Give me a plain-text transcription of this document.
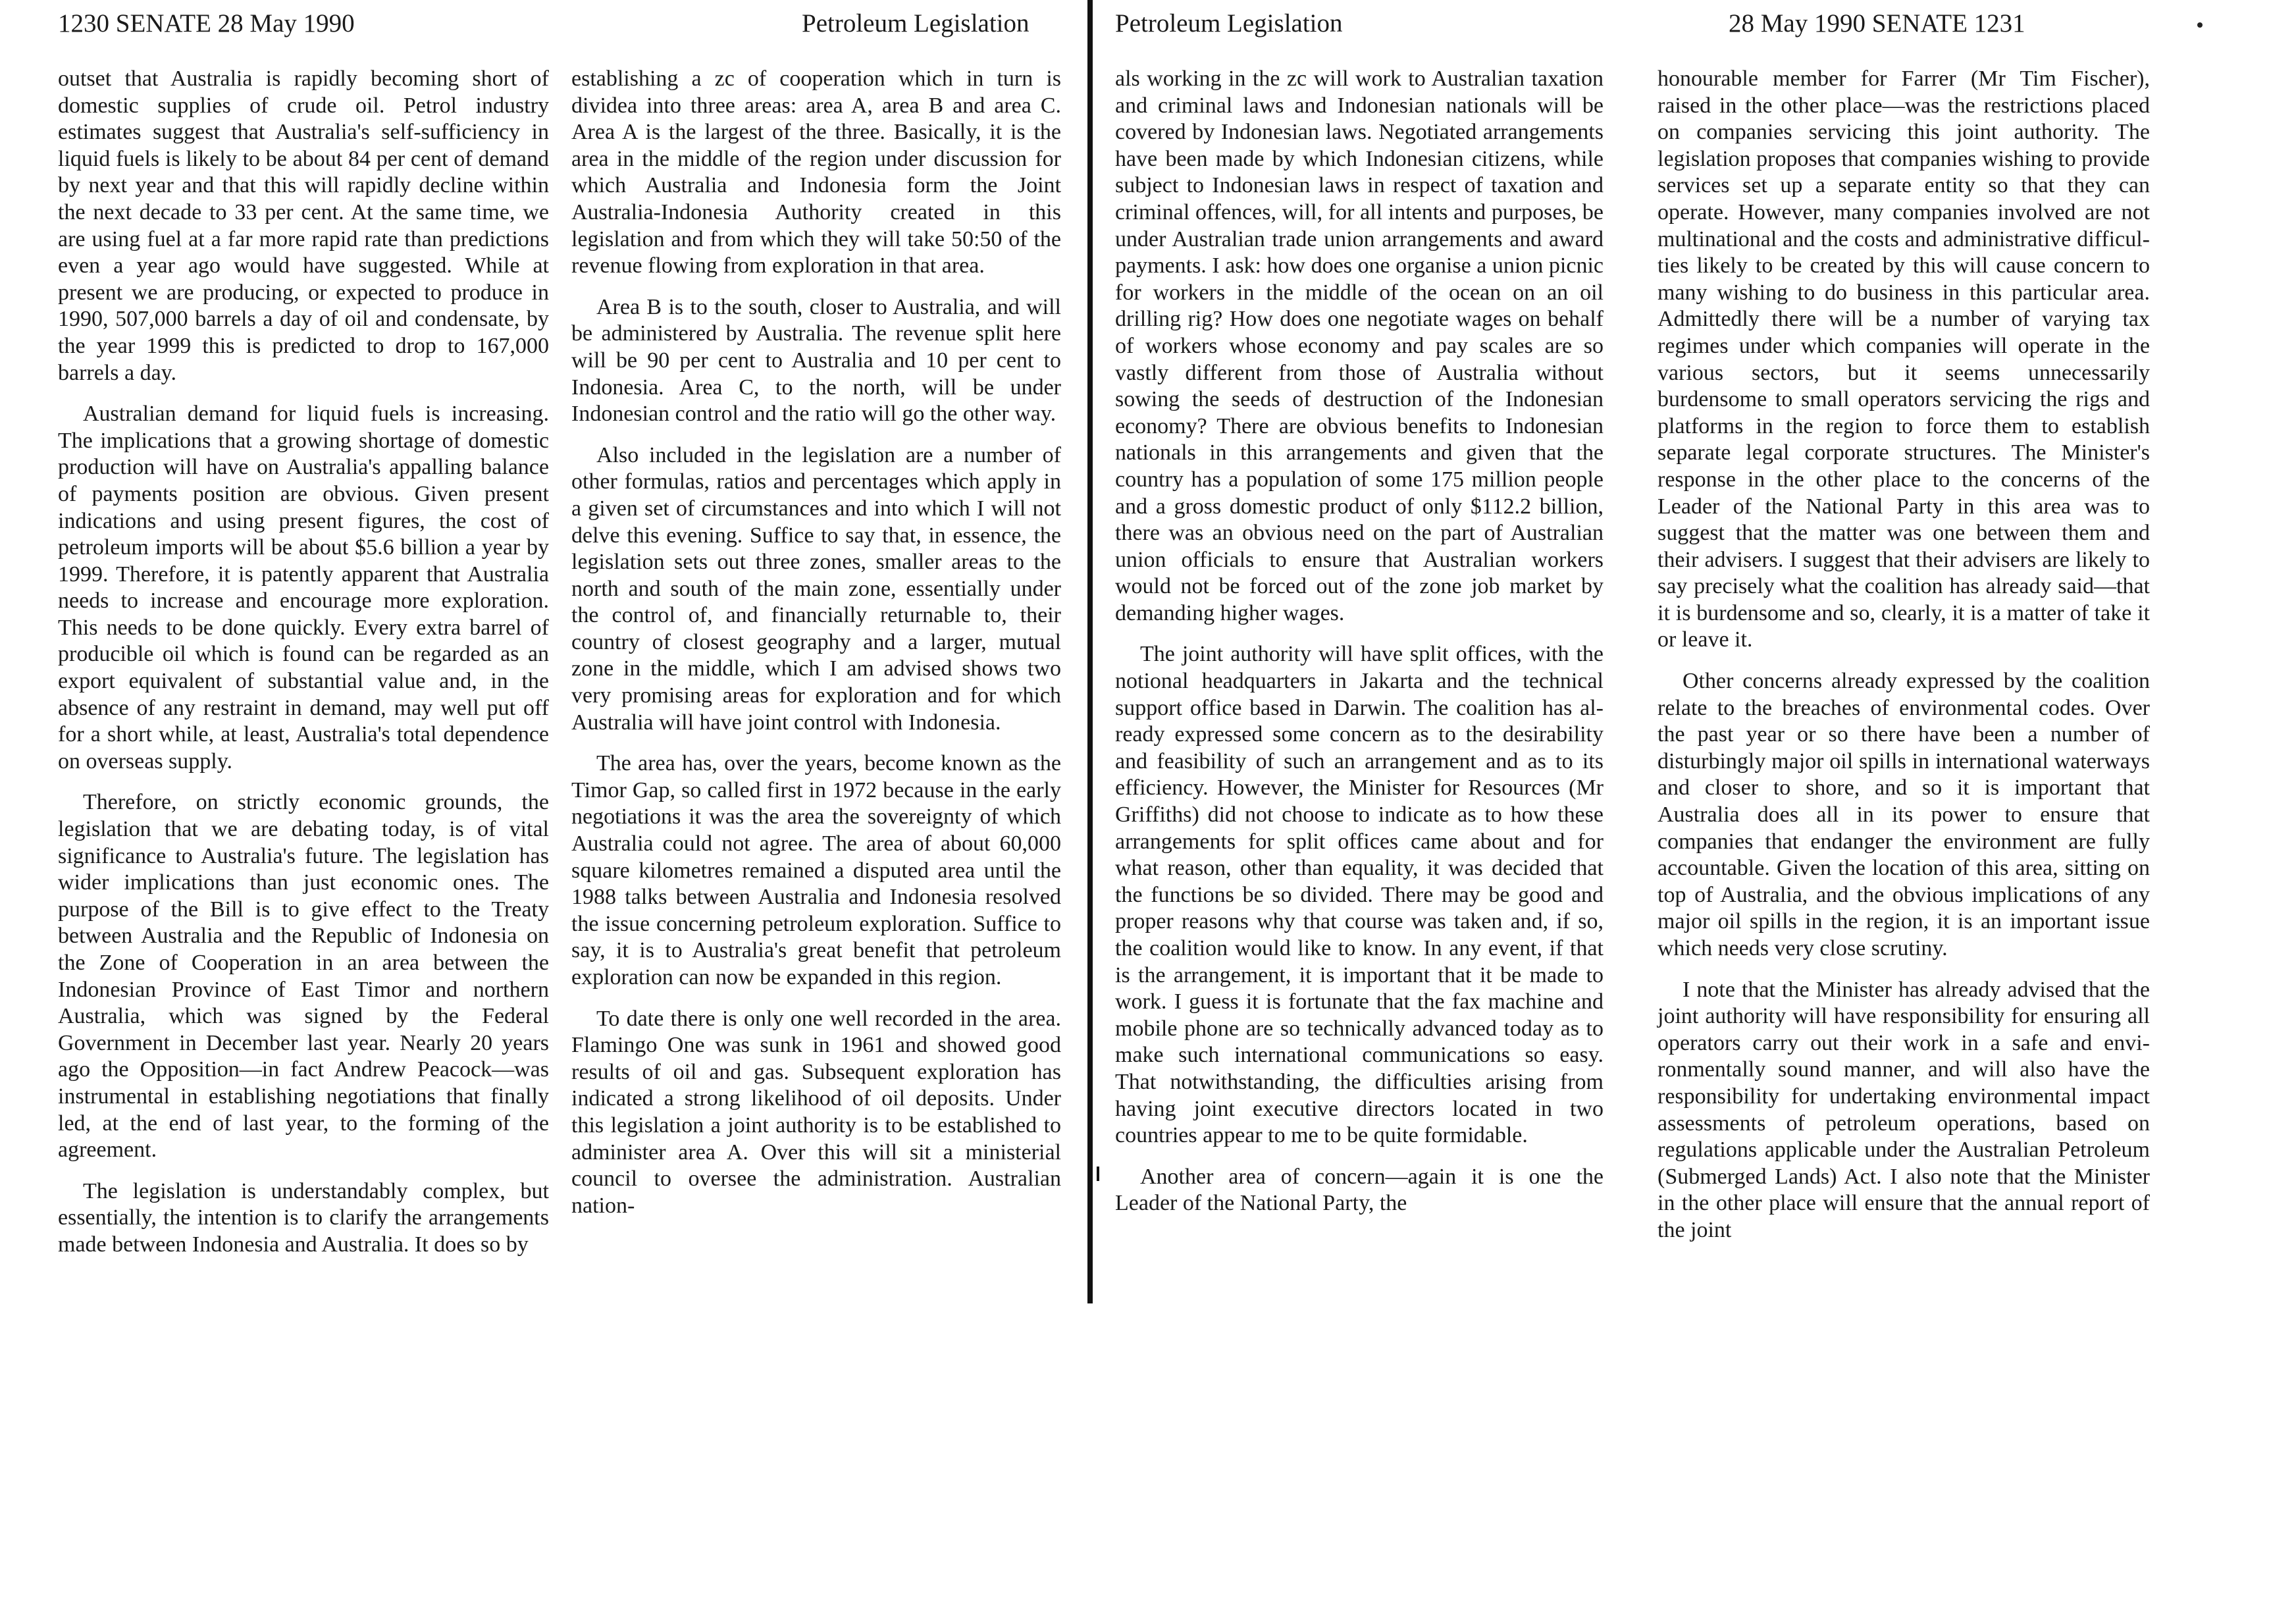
1230 SENATE 28 May 1990	Petroleum Legislation

outset that Australia is rapidly becoming short of domestic supplies of crude oil. Petrol industry estimates suggest that Australia's self-sufficiency in liquid fuels is likely to be about 84 per cent of demand by next year and that this will rapidly decline within the next decade to 33 per cent. At the same time, we are using fuel at a far more rapid rate than predictions even a year ago would have suggested. While at present we are producing, or expected to produce in 1990, 507,000 barrels a day of oil and condensate, by the year 1999 this is predicted to drop to 167,000 barrels a day.

Australian demand for liquid fuels is increasing. The implications that a growing shortage of domestic production will have on Australia's appalling balance of payments position are obvious. Given present indications and using present figures, the cost of petroleum imports will be about $5.6 billion a year by 1999. Therefore, it is patently apparent that Australia needs to increase and encourage more exploration. This needs to be done quickly. Every extra barrel of producible oil which is found can be regarded as an export equivalent of substantial value and, in the absence of any restraint in demand, may well put off for a short while, at least, Australia's total dependence on overseas supply.

Therefore, on strictly economic grounds, the legislation that we are debating today, is of vital significance to Australia's future. The legislation has wider implications than just economic ones. The purpose of the Bill is to give effect to the Treaty between Australia and the Republic of Indonesia on the Zone of Cooperation in an area between the Indonesian Province of East Timor and northern Australia, which was signed by the Federal Government in December last year. Nearly 20 years ago the Opposition—in fact Andrew Peacock—was instrumental in establishing negotiations that finally led, at the end of last year, to the forming of the agreement.

The legislation is understandably complex, but essentially, the intention is to clarify the arrangements made between Indonesia and Australia. It does so by

establishing a zc of cooperation which in turn is dividea into three areas: area A, area B and area C. Area A is the largest of the three. Basically, it is the area in the middle of the region under discussion for which Australia and Indonesia form the Joint Australia-Indonesia Authority created in this legislation and from which they will take 50:50 of the revenue flowing from exploration in that area.

Area B is to the south, closer to Australia, and will be administered by Australia. The revenue split here will be 90 per cent to Australia and 10 per cent to Indonesia. Area C, to the north, will be under Indonesian control and the ratio will go the other way.

Also included in the legislation are a number of other formulas, ratios and percentages which apply in a given set of circumstances and into which I will not delve this evening. Suffice to say that, in essence, the legislation sets out three zones, smaller areas to the north and south of the main zone, essentially under the control of, and financially returnable to, their country of closest geography and a larger, mutual zone in the middle, which I am advised shows two very promising areas for exploration and for which Australia will have joint control with Indonesia.

The area has, over the years, become known as the Timor Gap, so called first in 1972 because in the early negotiations it was the area the sovereignty of which Australia could not agree. The area of about 60,000 square kilometres remained a disputed area until the 1988 talks between Australia and Indonesia resolved the issue concerning petroleum exploration. Suffice to say, it is to Australia's great benefit that petroleum exploration can now be expanded in this region.

To date there is only one well recorded in the area. Flamingo One was sunk in 1961 and showed good results of oil and gas. Subsequent exploration has indicated a strong likelihood of oil deposits. Under this legislation a joint authority is to be established to administer area A. Over this will sit a ministerial council to oversee the administration. Australian nation-

Petroleum Legislation	28 May 1990 SENATE 1231

als working in the zc will work to Australian taxation and criminal laws and Indonesian nationals will be covered by Indonesian laws. Negotiated arrangements have been made by which Indonesian citizens, while subject to Indonesian laws in respect of taxation and criminal offences, will, for all intents and purposes, be under Australian trade union arrangements and award payments. I ask: how does one organise a union picnic for workers in the middle of the ocean on an oil drilling rig? How does one negotiate wages on behalf of workers whose economy and pay scales are so vastly different from those of Australia without sowing the seeds of destruction of the Indonesian economy? There are obvious benefits to Indonesian nationals in this arrangements and given that the country has a population of some 175 million people and a gross domestic product of only $112.2 billion, there was an obvious need on the part of Australian union officials to ensure that Australian workers would not be forced out of the zone job market by demanding higher wages.

The joint authority will have split offices, with the notional headquarters in Jakarta and the technical support office based in Darwin. The coalition has already expressed some concern as to the desirability and feasibility of such an arrangement and as to its efficiency. However, the Minister for Resources (Mr Griffiths) did not choose to indicate as to how these arrangements for split offices came about and for what reason, other than equality, it was decided that the functions be so divided. There may be good and proper reasons why that course was taken and, if so, the coalition would like to know. In any event, if that is the arrangement, it is important that it be made to work. I guess it is fortunate that the fax machine and mobile phone are so technically advanced today as to make such international communications so easy. That notwithstanding, the difficulties arising from having joint executive directors located in two countries appear to me to be quite formidable.

Another area of concern—again it is one the Leader of the National Party, the

honourable member for Farrer (Mr Tim Fischer), raised in the other place—was the restrictions placed on companies servicing this joint authority. The legislation proposes that companies wishing to provide services set up a separate entity so that they can operate. However, many companies involved are not multinational and the costs and administrative difficulties likely to be created by this will cause concern to many wishing to do business in this particular area. Admittedly there will be a number of varying tax regimes under which companies will operate in the various sectors, but it seems unnecessarily burdensome to small operators servicing the rigs and platforms in the region to force them to establish separate legal corporate structures. The Minister's response in the other place to the concerns of the Leader of the National Party in this area was to suggest that the matter was one between them and their advisers. I suggest that their advisers are likely to say precisely what the coalition has already said—that it is burdensome and so, clearly, it is a matter of take it or leave it.

Other concerns already expressed by the coalition relate to the breaches of environmental codes. Over the past year or so there have been a number of disturbingly major oil spills in international waterways and closer to shore, and so it is important that Australia does all in its power to ensure that companies that endanger the environment are fully accountable. Given the location of this area, sitting on top of Australia, and the obvious implications of any major oil spills in the region, it is an important issue which needs very close scrutiny.

I note that the Minister has already advised that the joint authority will have responsibility for ensuring all operators carry out their work in a safe and environmentally sound manner, and will also have the responsibility for undertaking environmental impact assessments of petroleum operations, based on regulations applicable under the Australian Petroleum (Submerged Lands) Act. I also note that the Minister in the other place will ensure that the annual report of the joint
